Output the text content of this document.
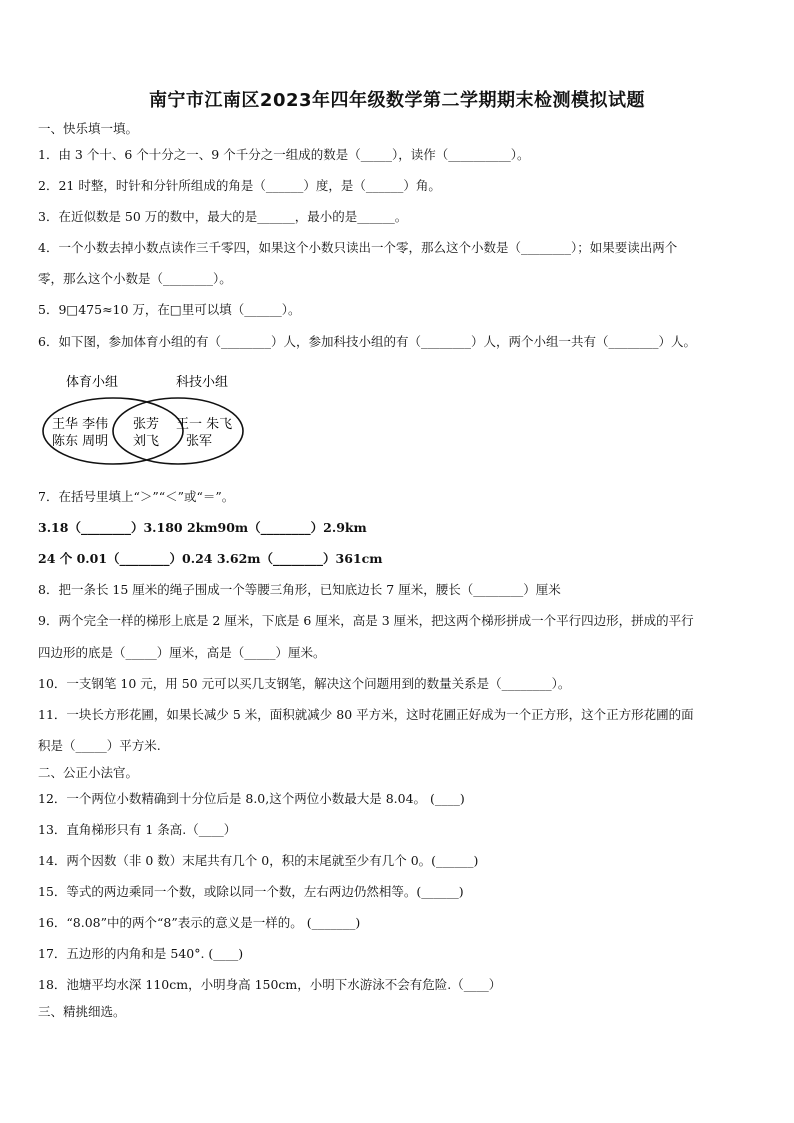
南宁市江南区2023年四年级数学第二学期期末检测模拟试题
一、快乐填一填。
1．由 3 个十、6 个十分之一、9 个千分之一组成的数是（_____），读作（__________）。
2．21 时整，时针和分针所组成的角是（______）度，是（______）角。
3．在近似数是 50 万的数中，最大的是______，最小的是______。
4．一个小数去掉小数点读作三千零四，如果这个小数只读出一个零，那么这个小数是（________）；如果要读出两个
零，那么这个小数是（________）。
5．9□475≈10 万，在□里可以填（______）。
6．如下图，参加体育小组的有（________）人，参加科技小组的有（________）人，两个小组一共有（________）人。
体育小组	科技小组
王华 李伟
陈东 周明
张芳
刘飞
王一 朱飞
张军
7．在括号里填上“＞”“＜”或“＝”。
3.18（________）3.180 2km90m（________）2.9km
24 个 0.01（________）0.24 3.62m（________）361cm
8．把一条长 15 厘米的绳子围成一个等腰三角形，已知底边长 7 厘米，腰长（________）厘米
9．两个完全一样的梯形上底是 2 厘米，下底是 6 厘米，高是 3 厘米，把这两个梯形拼成一个平行四边形，拼成的平行
四边形的底是（_____）厘米，高是（_____）厘米。
10．一支钢笔 10 元，用 50 元可以买几支钢笔，解决这个问题用到的数量关系是（________）。
11．一块长方形花圃，如果长减少 5 米，面积就减少 80 平方米，这时花圃正好成为一个正方形，这个正方形花圃的面
积是（_____）平方米.
二、公正小法官。
12．一个两位小数精确到十分位后是 8.0,这个两位小数最大是 8.04。 (____)
13．直角梯形只有 1 条高.（____）
14．两个因数（非 0 数）末尾共有几个 0，积的末尾就至少有几个 0。(______)
15．等式的两边乘同一个数，或除以同一个数，左右两边仍然相等。(______)
16．“8.08”中的两个“8”表示的意义是一样的。 (_______)
17．五边形的内角和是 540°. (____)
18．池塘平均水深 110cm，小明身高 150cm，小明下水游泳不会有危险.（____）
三、精挑细选。
